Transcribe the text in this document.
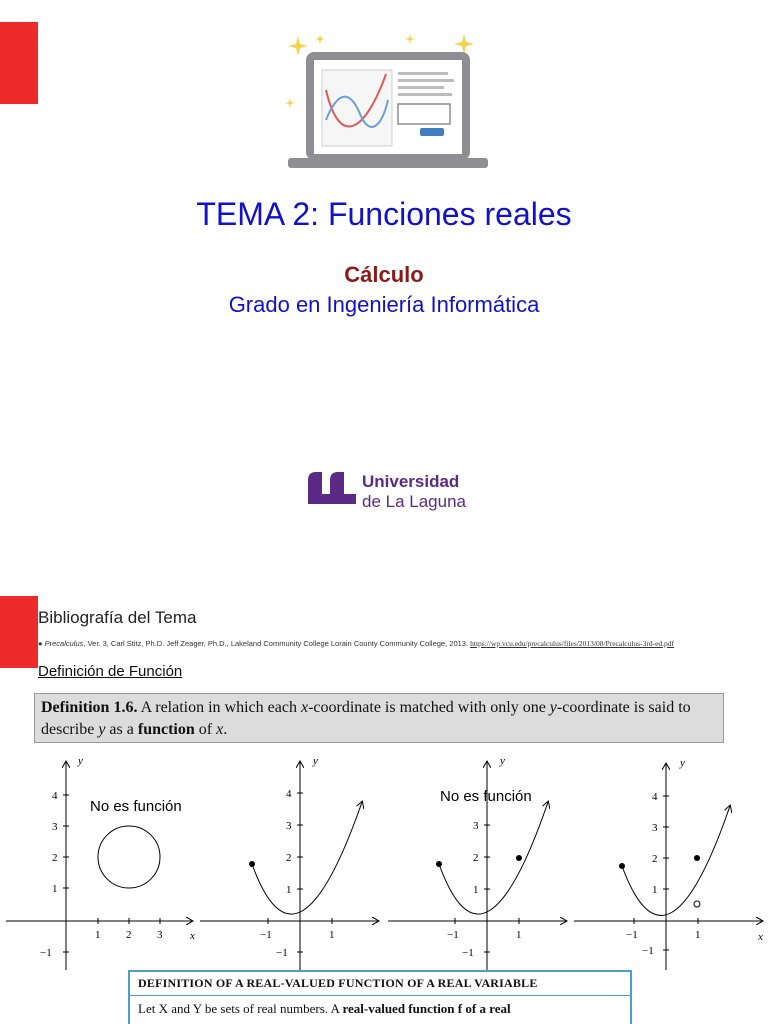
TEMA 2: Funciones reales
Cálculo
Grado en Ingeniería Informática
Universidad
de La Laguna
Bibliografía del Tema
● Precalculus, Ver. 3, Carl Stitz, Ph.D. Jeff Zeager, Ph.D., Lakeland Community College Lorain County Community College, 2013. https://wp.vcu.edu/precalculus/files/2013/08/Precalculus-3rd-ed.pdf
Definición de Función
Definition 1.6. A relation in which each x-coordinate is matched with only one y-coordinate is said to describe y as a function of x.
y
x
1 2 3
4
3
2
1
−1
y
−1	1
4
3
2
1
−1
y
−1	1
3
2
1
−1
y
x
−1	1
4
3
2
1
−1
No es función
No es función
DEFINITION OF A REAL-VALUED FUNCTION OF A REAL VARIABLE
Let X and Y be sets of real numbers. A real-valued function f of a real
